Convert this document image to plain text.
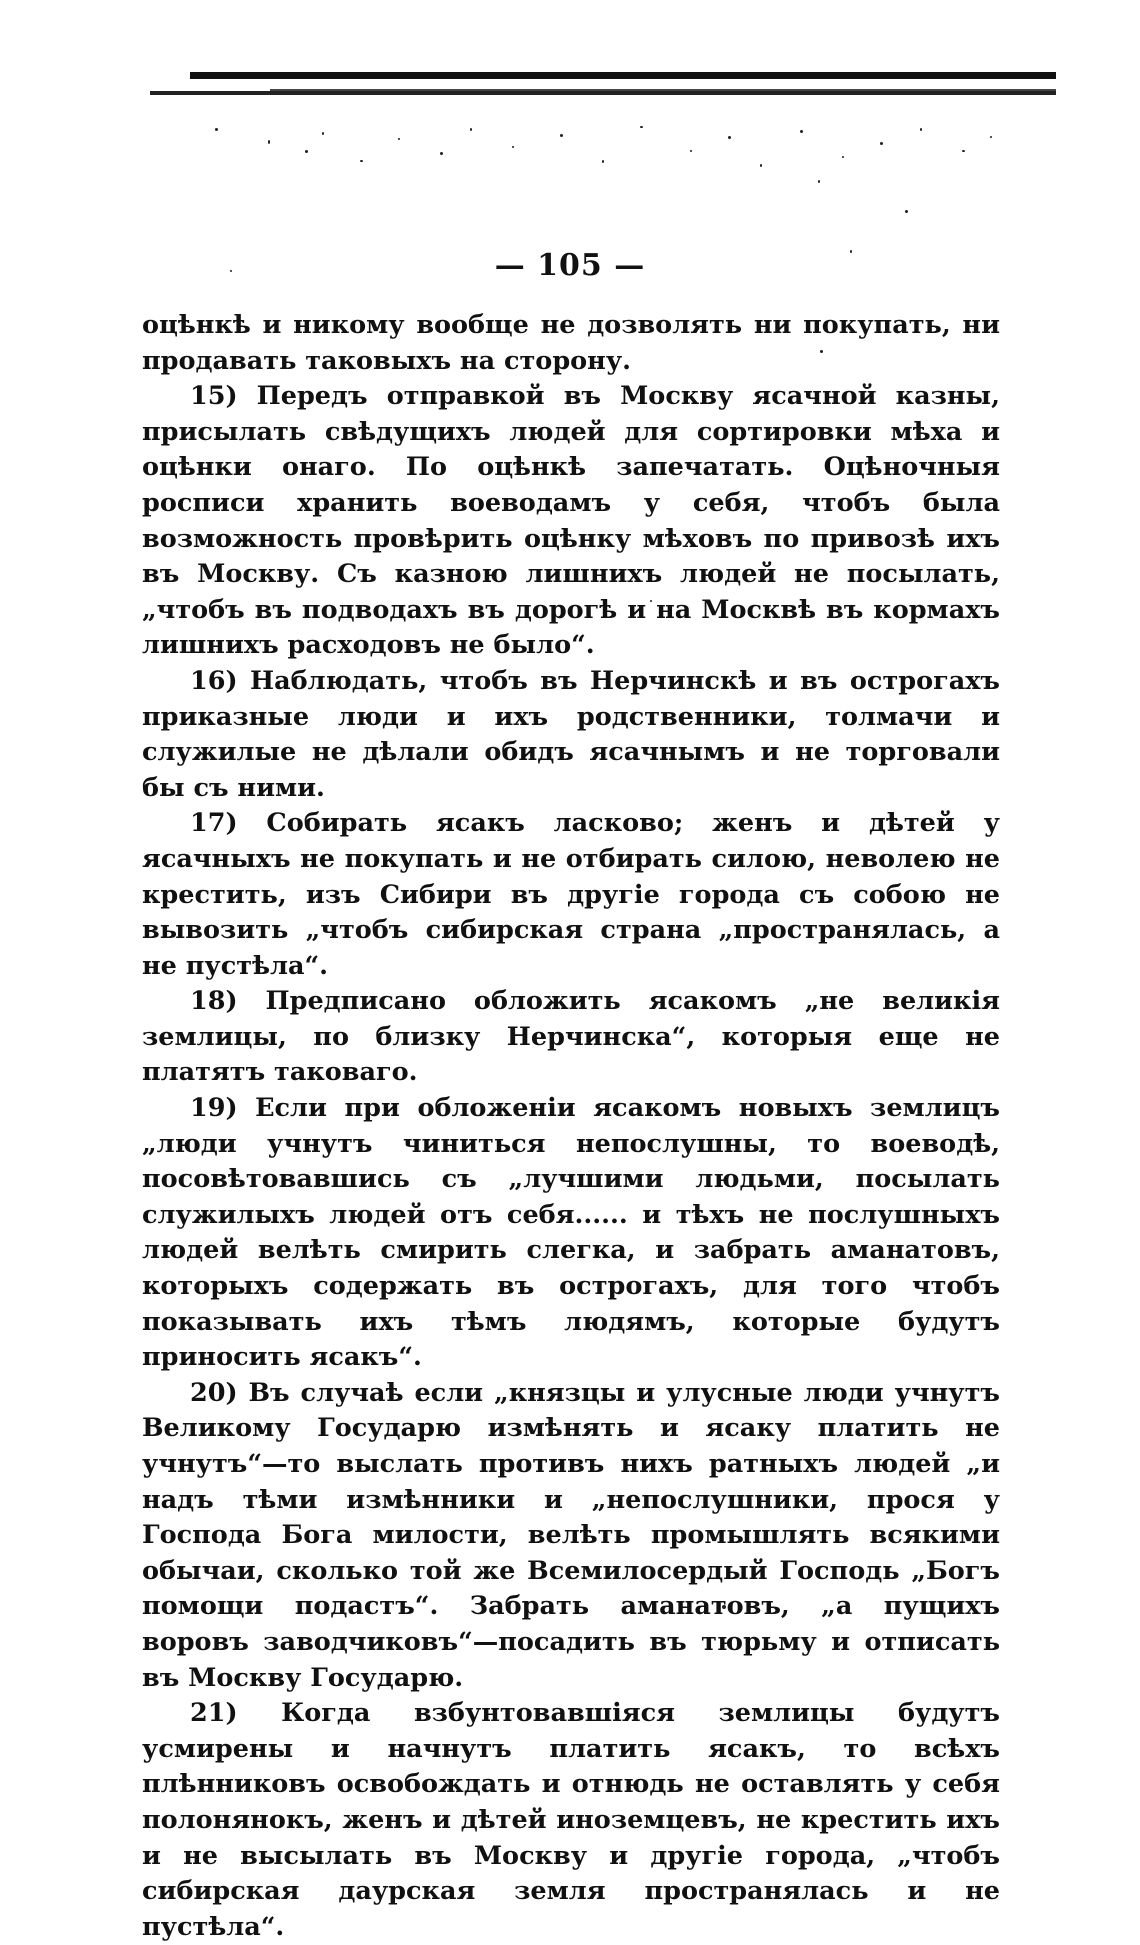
— 105 —

оцѣнкѣ и никому вообще не дозволять ни покупать, ни продавать таковыхъ на сторону.

15) Передъ отправкой въ Москву ясачной казны, присылать свѣдущихъ людей для сортировки мѣха и оцѣнки онаго. По оцѣнкѣ запечатать. Оцѣночныя росписи хранить воеводамъ у себя, чтобъ была возможность провѣрить оцѣнку мѣховъ по привозѣ ихъ въ Москву. Съ казною лишнихъ людей не посылать, „чтобъ въ подводахъ въ дорогѣ и на Москвѣ въ кормахъ лишнихъ расходовъ не было“.

16) Наблюдать, чтобъ въ Нерчинскѣ и въ острогахъ приказные люди и ихъ родственники, толмачи и служилые не дѣлали обидъ ясачнымъ и не торговали бы съ ними.

17) Собирать ясакъ ласково; женъ и дѣтей у ясачныхъ не покупать и не отбирать силою, неволею не крестить, изъ Сибири въ другіе города съ собою не вывозить „чтобъ сибирская страна „пространялась, а не пустѣла“.

18) Предписано обложить ясакомъ „не великія землицы, по близку Нерчинска“, которыя еще не платятъ таковаго.

19) Если при обложеніи ясакомъ новыхъ землицъ „люди учнутъ чиниться непослушны, то воеводѣ, посовѣтовавшись съ „лучшими людьми, посылать служилыхъ людей отъ себя...... и тѣхъ не послушныхъ людей велѣть смирить слегка, и забрать аманатовъ, которыхъ содержать въ острогахъ, для того чтобъ показывать ихъ тѣмъ людямъ, которые будутъ приносить ясакъ“.

20) Въ случаѣ если „князцы и улусные люди учнутъ Великому Государю измѣнять и ясаку платить не учнутъ“—то выслать противъ нихъ ратныхъ людей „и надъ тѣми измѣнники и „непослушники, прося у Господа Бога милости, велѣть промышлять всякими обычаи, сколько той же Всемилосердый Господь „Богъ помощи подастъ“. Забрать аманатовъ, „а пущихъ воровъ заводчиковъ“—посадить въ тюрьму и отписать въ Москву Государю.

21) Когда взбунтовавшіяся землицы будутъ усмирены и начнутъ платить ясакъ, то всѣхъ плѣнниковъ освобождать и отнюдь не оставлять у себя полонянокъ, женъ и дѣтей иноземцевъ, не крестить ихъ и не высылать въ Москву и другіе города, „чтобъ сибирская даурская земля пространялась и не пустѣла“.
